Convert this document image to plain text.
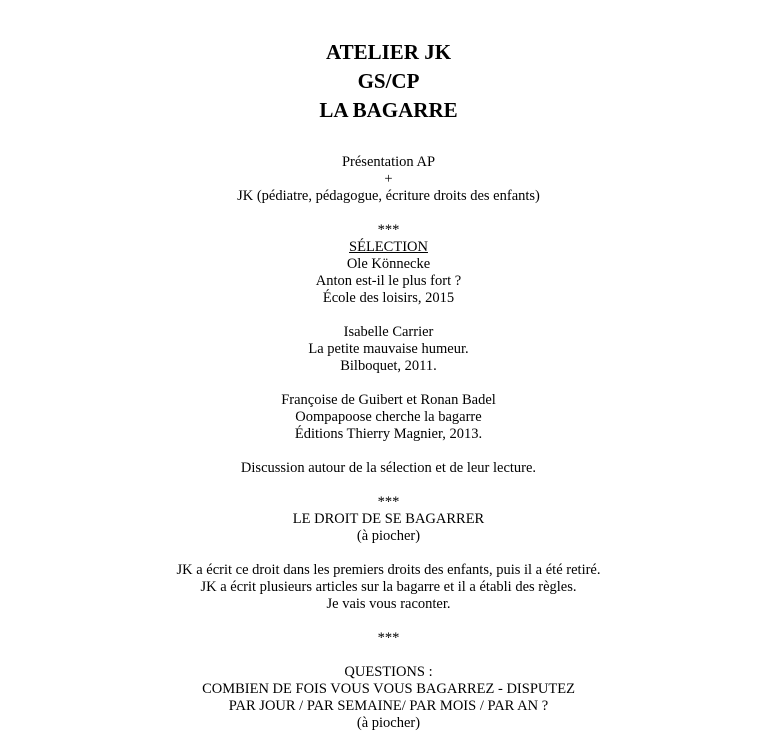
ATELIER JK
GS/CP
LA BAGARRE
Présentation AP
+
JK (pédiatre, pédagogue, écriture droits des enfants)
***
SÉLECTION
Ole Könnecke
Anton est-il le plus fort ?
École des loisirs, 2015
Isabelle Carrier
La petite mauvaise humeur.
Bilboquet, 2011.
Françoise de Guibert et Ronan Badel
Oompapoose cherche la bagarre
Éditions Thierry Magnier, 2013.
Discussion autour de la sélection et de leur lecture.
***
LE DROIT DE SE BAGARRER
(à piocher)
JK a écrit ce droit dans les premiers droits des enfants, puis il a été retiré.
JK a écrit plusieurs articles sur la bagarre et il a établi des règles.
Je vais vous raconter.
***
QUESTIONS :
COMBIEN DE FOIS VOUS VOUS BAGARREZ - DISPUTEZ
PAR JOUR / PAR SEMAINE/ PAR MOIS / PAR AN ?
(à piocher)
